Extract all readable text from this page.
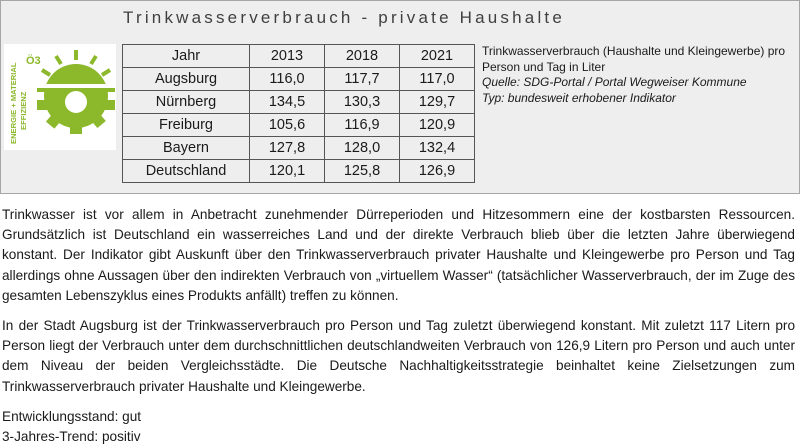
Trinkwasserverbrauch - private Haushalte
ENERGIE + MATERIAL EFFIZIENZ
Ö3	Jahr	2013	2018	2021
Augsburg	116,0	117,7	117,0
Nürnberg	134,5	130,3	129,7
Freiburg	105,6	116,9	120,9
Bayern	127,8	128,0	132,4
Deutschland	120,1	125,8	126,9
Trinkwasserverbrauch (Haushalte und Kleingewerbe) pro Person und Tag in Liter
Quelle: SDG-Portal / Portal Wegweiser Kommune
Typ: bundesweit erhobener Indikator

Trinkwasser ist vor allem in Anbetracht zunehmender Dürreperioden und Hitzesommern eine der kostbarsten Ressourcen. Grundsätzlich ist Deutschland ein wasserreiches Land und der direkte Verbrauch blieb über die letzten Jahre überwiegend konstant. Der Indikator gibt Auskunft über den Trinkwasserverbrauch privater Haushalte und Kleingewerbe pro Person und Tag allerdings ohne Aussagen über den indirekten Verbrauch von „virtuellem Wasser“ (tatsächlicher Wasserverbrauch, der im Zuge des gesamten Lebenszyklus eines Produkts anfällt) treffen zu können.

In der Stadt Augsburg ist der Trinkwasserverbrauch pro Person und Tag zuletzt überwiegend konstant. Mit zuletzt 117 Litern pro Person liegt der Verbrauch unter dem durchschnittlichen deutschlandweiten Verbrauch von 126,9 Litern pro Person und auch unter dem Niveau der beiden Vergleichsstädte. Die Deutsche Nachhaltigkeitsstrategie beinhaltet keine Zielsetzungen zum Trinkwasserverbrauch privater Haushalte und Kleingewerbe.

Entwicklungsstand: gut
3-Jahres-Trend: positiv
